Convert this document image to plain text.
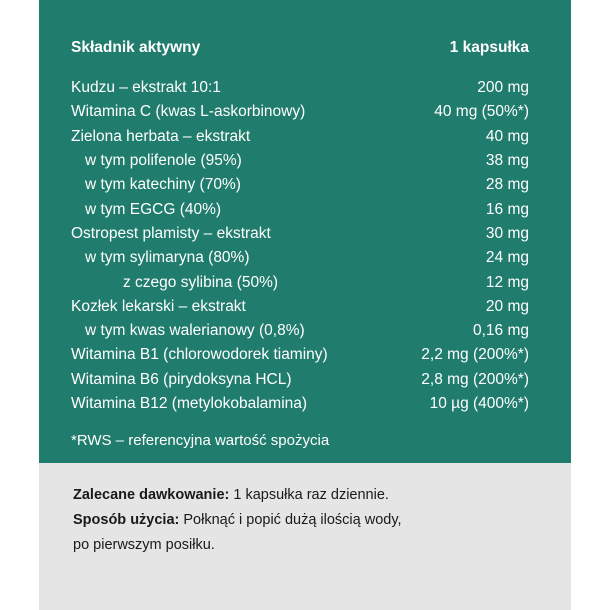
Składnik aktywny	1 kapsułka
Kudzu – ekstrakt 10:1	200 mg
Witamina C (kwas L-askorbinowy)	40 mg (50%*)
Zielona herbata – ekstrakt	40 mg
w tym polifenole (95%)	38 mg
w tym katechiny (70%)	28 mg
w tym EGCG (40%)	16 mg
Ostropest plamisty – ekstrakt	30 mg
w tym sylimaryna (80%)	24 mg
z czego sylibina (50%)	12 mg
Kozłek lekarski – ekstrakt	20 mg
w tym kwas walerianowy (0,8%)	0,16 mg
Witamina B1 (chlorowodorek tiaminy)	2,2 mg (200%*)
Witamina B6 (pirydoksyna HCL)	2,8 mg (200%*)
Witamina B12 (metylokobalamina)	10 µg (400%*)
*RWS – referencyjna wartość spożycia
Zalecane dawkowanie: 1 kapsułka raz dziennie.
Sposób użycia: Połknąć i popić dużą ilością wody,
po pierwszym posiłku.
